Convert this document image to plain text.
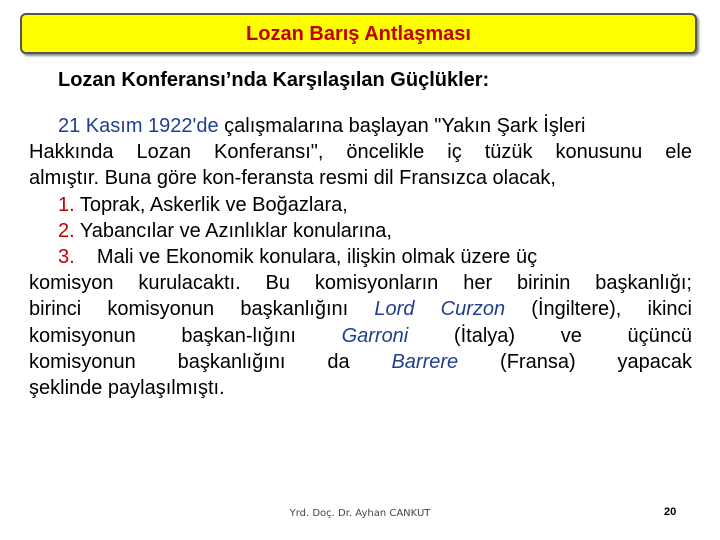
Lozan Barış Antlaşması
Lozan Konferansı’nda Karşılaşılan Güçlükler:
21 Kasım 1922'de çalışmalarına başlayan "Yakın Şark İşleri
Hakkında Lozan Konferansı", öncelikle iç tüzük konusunu ele
almıştır. Buna göre kon-feransta resmi dil Fransızca olacak,
1. Toprak, Askerlik ve Boğazlara,
2. Yabancılar ve Azınlıklar konularına,
3.    Mali ve Ekonomik konulara, ilişkin olmak üzere üç
komisyon kurulacaktı. Bu komisyonların her birinin başkanlığı;
birinci komisyonun başkanlığını Lord Curzon (İngiltere), ikinci
komisyonun başkan-lığını Garroni (İtalya) ve üçüncü
komisyonun başkanlığını da Barrere (Fransa) yapacak
şeklinde paylaşılmıştı.
Yrd. Doç. Dr. Ayhan CANKUT	20
